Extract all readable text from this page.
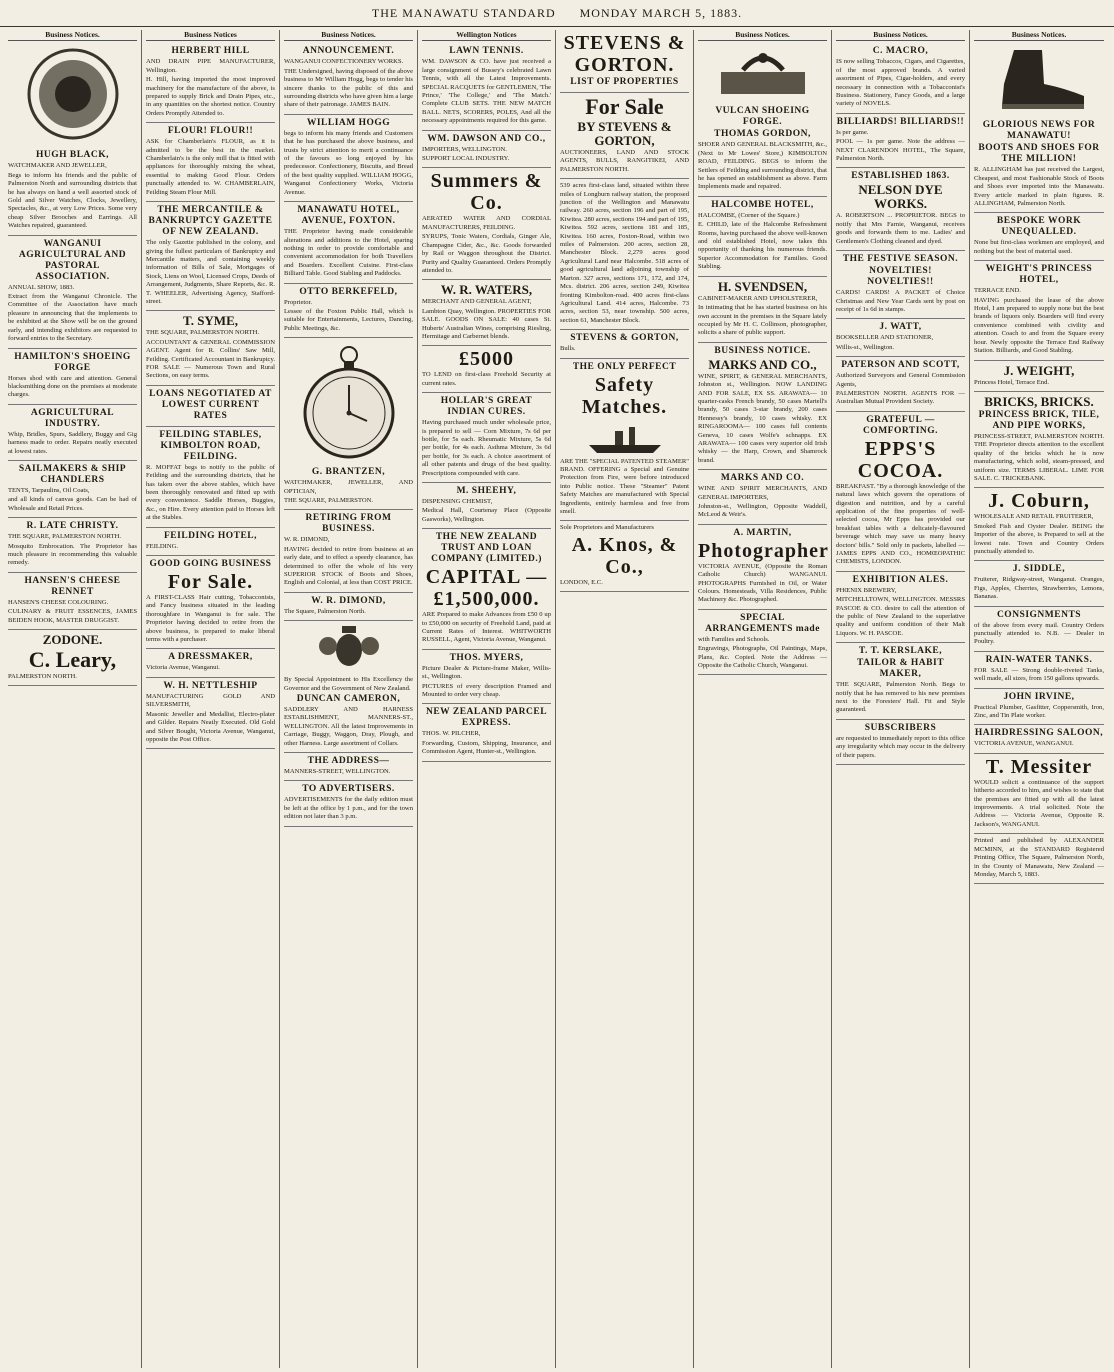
THE MANAWATU STANDARD MONDAY MARCH 5, 1883.
Business Notices.
HUGH BLACK,

WATCHMAKER AND JEWELLER,

Begs to inform his friends and the public of Palmerston North and surrounding districts that he has always on hand a well assorted stock of Gold and Silver Watches, Clocks, Jewellery, Spectacles, &c., at very Low Prices. Some very cheap Silver Brooches and Earrings. All Watches repaired, guaranteed.

WANGANUI AGRICULTURAL AND PASTORAL ASSOCIATION.

ANNUAL SHOW, 1883.

Extract from the Wanganui Chronicle. The Committee of the Association have much pleasure in announcing that the implements to be exhibited at the Show will be on the ground early, and intending exhibitors are requested to forward entries to the Secretary.

HAMILTON'S SHOEING FORGE

Horses shod with care and attention. General blacksmithing done on the premises at moderate charges.

AGRICULTURAL INDUSTRY.

Whip, Bridles, Spurs, Saddlery, Buggy and Gig harness made to order. Repairs neatly executed at lowest rates.

SAILMAKERS & SHIP CHANDLERS

TENTS, Tarpaulins, Oil Coats,

and all kinds of canvas goods. Can be had of Wholesale and Retail Prices.

R. LATE CHRISTY.

THE SQUARE, PALMERSTON NORTH.

Mosquito Embrocation. The Proprietor has much pleasure in recommending this valuable remedy.

HANSEN'S CHEESE RENNET

HANSEN'S CHEESE COLOURING.

CULINARY & FRUIT ESSENCES, JAMES BEIDEN HOOK, MASTER DRUGGIST.

ZODONE.
C. Leary,

PALMERSTON NORTH.

Business Notices
HERBERT HILL

AND DRAIN PIPE MANUFACTURER, Wellington.

H. Hill, having imported the most improved machinery for the manufacture of the above, is prepared to supply Brick and Drain Pipes, etc., in any quantities on the shortest notice. Country Orders Promptly Attended to.

FLOUR! FLOUR!!

ASK for Chamberlain's FLOUR, as it is admitted to be the best in the market. Chamberlain's is the only mill that is fitted with appliances for thoroughly mixing the wheat, essential to making Good Flour. Orders punctually attended to. W. CHAMBERLAIN, Feilding Steam Flour Mill.

THE MERCANTILE & BANKRUPTCY GAZETTE OF NEW ZEALAND.

The only Gazette published in the colony, and giving the fullest particulars of Bankruptcy and Mercantile matters, and containing weekly information of Bills of Sale, Mortgages of Stock, Liens on Wool, Licensed Crops, Deeds of Arrangement, Judgments, Share Reports, &c. R. T. WHEELER, Advertising Agency, Stafford-street.

T. SYME,

THE SQUARE, PALMERSTON NORTH.

ACCOUNTANT & GENERAL COMMISSION AGENT. Agent for R. Collins' Saw Mill, Feilding. Certificated Accountant in Bankruptcy. FOR SALE — Numerous Town and Rural Sections, on easy terms.

LOANS NEGOTIATED AT LOWEST CURRENT RATES
FEILDING STABLES, KIMBOLTON ROAD, FEILDING.

R. MOFFAT begs to notify to the public of Feilding and the surrounding districts, that he has taken over the above stables, which have been thoroughly renovated and fitted up with every convenience. Saddle Horses, Buggies, &c., on Hire. Every attention paid to Horses left at the Stables.

FEILDING HOTEL,

FEILDING.

GOOD GOING BUSINESS
For Sale.

A FIRST-CLASS Hair cutting, Tobacconists, and Fancy business situated in the leading thoroughfare in Wanganui is for sale. The Proprietor having decided to retire from the above business, is prepared to make liberal terms with a purchaser.

A DRESSMAKER,

Victoria Avenue, Wanganui.

W. H. NETTLESHIP

MANUFACTURING GOLD AND SILVERSMITH,

Masonic Jeweller and Medallist, Electro-plater and Gilder. Repairs Neatly Executed. Old Gold and Silver Bought, Victoria Avenue, Wanganui, opposite the Post Office.

Business Notices.
ANNOUNCEMENT.

WANGANUI CONFECTIONERY WORKS.

THE Undersigned, having disposed of the above business to Mr William Hogg, begs to tender his sincere thanks to the public of this and surrounding districts who have given him a large share of their patronage. JAMES BAIN.

WILLIAM HOGG

begs to inform his many friends and Customers that he has purchased the above business, and trusts by strict attention to merit a continuance of the favours so long enjoyed by his predecessor. Confectionery, Biscuits, and Bread of the best quality supplied. WILLIAM HOGG, Wanganui Confectionery Works, Victoria Avenue.

MANAWATU HOTEL, AVENUE, FOXTON.

THE Proprietor having made considerable alterations and additions to the Hotel, sparing nothing in order to provide comfortable and convenient accommodation for both Travellers and Boarders. Excellent Cuisine. First-class Billiard Table. Good Stabling and Paddocks.

OTTO BERKEFELD,

Proprietor.

Lessee of the Foxton Public Hall, which is suitable for Entertainments, Lectures, Dancing, Public Meetings, &c.

G. BRANTZEN,

WATCHMAKER, JEWELLER, AND OPTICIAN,

THE SQUARE, PALMERSTON.

RETIRING FROM BUSINESS.

W. R. DIMOND,

HAVING decided to retire from business at an early date, and to effect a speedy clearance, has determined to offer the whole of his very SUPERIOR STOCK of Boots and Shoes, English and Colonial, at less than COST PRICE.

W. R. DIMOND,

The Square, Palmerston North.

By Special Appointment to His Excellency the Governor and the Government of New Zealand.

DUNCAN CAMERON,

SADDLERY AND HARNESS ESTABLISHMENT, MANNERS-ST., WELLINGTON. All the latest Improvements in Carriage, Buggy, Waggon, Dray, Plough, and other Harness. Large assortment of Collars.

THE ADDRESS—

MANNERS-STREET, WELLINGTON.

TO ADVERTISERS.

ADVERTISEMENTS for the daily edition must be left at the office by 1 p.m., and for the town edition not later than 3 p.m.

Wellington Notices
LAWN TENNIS.

WM. DAWSON & CO. have just received a large consignment of Bussey's celebrated Lawn Tennis, with all the Latest Improvements. SPECIAL RACQUETS for GENTLEMEN, 'The Prince,' 'The College,' and 'The Match.' Complete CLUB SETS. THE NEW MATCH BALL. NETS, SCORERS, POLES, And all the necessary appointments required for this game.

WM. DAWSON AND CO.,

IMPORTERS, WELLINGTON.

SUPPORT LOCAL INDUSTRY.

Summers & Co.

AERATED WATER AND CORDIAL MANUFACTURERS, FEILDING.

SYRUPS, Tonic Waters, Cordials, Ginger Ale, Champagne Cider, &c., &c. Goods forwarded by Rail or Waggon throughout the District. Purity and Quality Guaranteed. Orders Promptly attended to.

W. R. WATERS,

MERCHANT AND GENERAL AGENT,

Lambton Quay, Wellington. PROPERTIES FOR SALE. GOODS ON SALE: 40 cases St. Huberts' Australian Wines, comprising Riesling, Hermitage and Carbernet blends.

£5000

TO LEND on first-class Freehold Security at current rates.

HOLLAR'S GREAT INDIAN CURES.

Having purchased much under wholesale price, is prepared to sell — Corn Mixture, 7s 6d per bottle, for 5s each. Rheumatic Mixture, 5s 6d per bottle, for 4s each. Asthma Mixture, 3s 6d per bottle, for 3s each. A choice assortment of all other patents and drugs of the best quality. Prescriptions compounded with care.

M. SHEEHY,

DISPENSING CHEMIST,

Medical Hall, Courtenay Place (Opposite Gasworks), Wellington.

THE NEW ZEALAND TRUST AND LOAN COMPANY (LIMITED.)
CAPITAL — £1,500,000.

ARE Prepared to make Advances from £50 0 up to £50,000 on security of Freehold Land, paid at Current Rates of Interest. WHITWORTH RUSSELL, Agent, Victoria Avenue, Wanganui.

THOS. MYERS,

Picture Dealer & Picture-frame Maker, Willis-st., Wellington.

PICTURES of every description Framed and Mounted to order very cheap.

NEW ZEALAND PARCEL EXPRESS.

THOS. W. PILCHER,

Forwarding, Custom, Shipping, Insurance, and Commission Agent, Hunter-st., Wellington.

STEVENS & GORTON.
LIST OF PROPERTIES
For Sale
BY STEVENS & GORTON,

AUCTIONEERS, LAND AND STOCK AGENTS, BULLS, RANGITIKEI, AND PALMERSTON NORTH.

539 acres first-class land, situated within three miles of Longburn railway station, the proposed junction of the Wellington and Manawatu railway. 260 acres, section 196 and part of 195, Kiwitea. 280 acres, sections 194 and part of 195, Kiwitea. 592 acres, sections 181 and 185, Kiwitea. 160 acres, Foxton-Road, within two miles of Palmerston. 200 acres, section 28, Manchester Block. 2,279 acres good Agricultural Land near Halcombe. 518 acres of good agricultural land adjoining township of Marton. 327 acres, sections 171, 172, and 174, Mcs. district. 206 acres, section 249, Kiwitea fronting Kimbolton-road. 400 acres first-class Agricultural Land. 414 acres, Halcombe. 73 acres, section 53, near township. 500 acres, section 61, Manchester Block.

STEVENS & GORTON,

Bulls.

THE ONLY PERFECT
Safety Matches.

ARE THE "SPECIAL PATENTED STEAMER" BRAND. OFFERING a Special and Genuine Protection from Fire, were before introduced into Public notice. These "Steamer" Patent Safety Matches are manufactured with Special Ingredients, entirely harmless and free from smell.

Sole Proprietors and Manufacturers

A. Knos, & Co.,

LONDON, E.C.

Business Notices.
VULCAN SHOEING FORGE.
THOMAS GORDON,

SHOER AND GENERAL BLACKSMITH, &c., (Next to Mr Lowes' Store,) KIMBOLTON ROAD, FEILDING. BEGS to inform the Settlers of Feilding and surrounding district, that he has opened an establishment as above. Farm Implements made and repaired.

HALCOMBE HOTEL,

HALCOMBE, (Corner of the Square.)

E. CHILD, late of the Halcombe Refreshment Rooms, having purchased the above well-known and old established Hotel, now takes this opportunity of thanking his numerous friends. Superior Accommodation for Families. Good Stabling.

H. SVENDSEN,

CABINET-MAKER AND UPHOLSTERER,

In intimating that he has started business on his own account in the premises in the Square lately occupied by Mr H. C. Collinson, photographer, solicits a share of public support.

BUSINESS NOTICE.
MARKS AND CO.,

WINE, SPIRIT, & GENERAL MERCHANTS, Johnston st., Wellington. NOW LANDING AND FOR SALE, EX SS. ARAWATA— 10 quarter-casks French brandy, 50 cases Martell's brandy, 50 cases 3-star brandy, 200 cases Hennessy's brandy, 10 cases whisky. EX RINGAROOMA— 100 cases full contents Geneva, 10 cases Wolfe's schnapps. EX ARAWATA— 100 cases very superior old Irish whisky — the Harp, Crown, and Shamrock brand.

MARKS AND CO.

WINE AND SPIRIT MERCHANTS, AND GENERAL IMPORTERS,

Johnston-st., Wellington, Opposite Waddell, McLeod & Weir's.

A. MARTIN,
Photographer

VICTORIA AVENUE, (Opposite the Roman Catholic Church) WANGANUI. PHOTOGRAPHS Furnished in Oil, or Water Colours. Homesteads, Villa Residences, Public Machinery &c. Photographed.

SPECIAL ARRANGEMENTS made

with Families and Schools.

Engravings, Photographs, Oil Paintings, Maps, Plans, &c. Copied. Note the Address — Opposite the Catholic Church, Wanganui.

Business Notices.
C. MACRO,

IS now selling Tobaccos, Cigars, and Cigarettes, of the most approved brands. A varied assortment of Pipes, Cigar-holders, and every necessary in connection with a Tobacconist's Business. Stationery, Fancy Goods, and a large variety of NOVELS.

BILLIARDS! BILLIARDS!!

Is per game.

POOL — 1s per game. Note the address — NEXT CLARENDON HOTEL, The Square, Palmerston North.

ESTABLISHED 1863.
NELSON DYE WORKS.

A. ROBERTSON ... PROPRIETOR. BEGS to notify that Mrs Farnie, Wanganui, receives goods and forwards them to me. Ladies' and Gentlemen's Clothing cleaned and dyed.

THE FESTIVE SEASON.
NOVELTIES! NOVELTIES!!

CARDS! CARDS! A PACKET of Choice Christmas and New Year Cards sent by post on receipt of 1s 6d in stamps.

J. WATT,

BOOKSELLER AND STATIONER,

Willis-st., Wellington.

PATERSON AND SCOTT,

Authorized Surveyors and General Commission Agents,

PALMERSTON NORTH. AGENTS FOR — Australian Mutual Provident Society.

GRATEFUL — COMFORTING.
EPPS'S COCOA.

BREAKFAST. "By a thorough knowledge of the natural laws which govern the operations of digestion and nutrition, and by a careful application of the fine properties of well-selected cocoa, Mr Epps has provided our breakfast tables with a delicately-flavoured beverage which may save us many heavy doctors' bills." Sold only in packets, labelled — JAMES EPPS AND CO., HOMŒOPATHIC CHEMISTS, LONDON.

EXHIBITION ALES.

PHŒNIX BREWERY,

MITCHELLTOWN, WELLINGTON. MESSRS PASCOE & CO. desire to call the attention of the public of New Zealand to the superlative quality and uniform condition of their Malt Liquors. W. H. PASCOE.

T. T. KERSLAKE,
TAILOR & HABIT MAKER,

THE SQUARE, Palmerston North. Begs to notify that he has removed to his new premises next to the Foresters' Hall. Fit and Style guaranteed.

SUBSCRIBERS

are requested to immediately report to this office any irregularity which may occur in the delivery of their papers.

Business Notices.
GLORIOUS NEWS FOR MANAWATU!
BOOTS AND SHOES FOR THE MILLION!

R. ALLINGHAM has just received the Largest, Cheapest, and most Fashionable Stock of Boots and Shoes ever imported into the Manawatu. Every article marked in plain figures. R. ALLINGHAM, Palmerston North.

BESPOKE WORK UNEQUALLED.

None but first-class workmen are employed, and nothing but the best of material used.

WEIGHT'S PRINCESS HOTEL,

TERRACE END.

HAVING purchased the lease of the above Hotel, I am prepared to supply none but the best brands of liquors only. Boarders will find every convenience combined with civility and attention. Coach to and from the Square every hour. Newly opposite the Terrace End Railway Station. Billiards, and Good Stabling.

J. WEIGHT,

Princess Hotel, Terrace End.

BRICKS, BRICKS.
PRINCESS BRICK, TILE, AND PIPE WORKS,

PRINCESS-STREET, PALMERSTON NORTH. THE Proprietor directs attention to the excellent quality of the bricks which he is now manufacturing, which solid, steam-pressed, and uniform size. TERMS LIBERAL. LIME FOR SALE. C. TRICKEBANK.

J. Coburn,

WHOLESALE AND RETAIL FRUITERER,

Smoked Fish and Oyster Dealer. BEING the Importer of the above, is Prepared to sell at the lowest rate. Town and Country Orders punctually attended to.

J. SIDDLE,

Fruiterer, Ridgway-street, Wanganui. Oranges, Figs, Apples, Cherries, Strawberries, Lemons, Bananas.

CONSIGNMENTS

of the above from every mail. Country Orders punctually attended to. N.B. — Dealer in Poultry.

RAIN-WATER TANKS.

FOR SALE — Strong double-riveted Tanks, well made, all sizes, from 150 gallons upwards.

JOHN IRVINE,

Practical Plumber, Gasfitter, Coppersmith, Iron, Zinc, and Tin Plate worker.

HAIRDRESSING SALOON,

VICTORIA AVENUE, WANGANUI.

T. Messiter

WOULD solicit a continuance of the support hitherto accorded to him, and wishes to state that the premises are fitted up with all the latest improvements. A trial solicited. Note the Address — Victoria Avenue, Opposite R. Jackson's, WANGANUI.

Printed and published by ALEXANDER MCMINN, at the STANDARD Registered Printing Office, The Square, Palmerston North, in the County of Manawatu, New Zealand — Monday, March 5, 1883.
